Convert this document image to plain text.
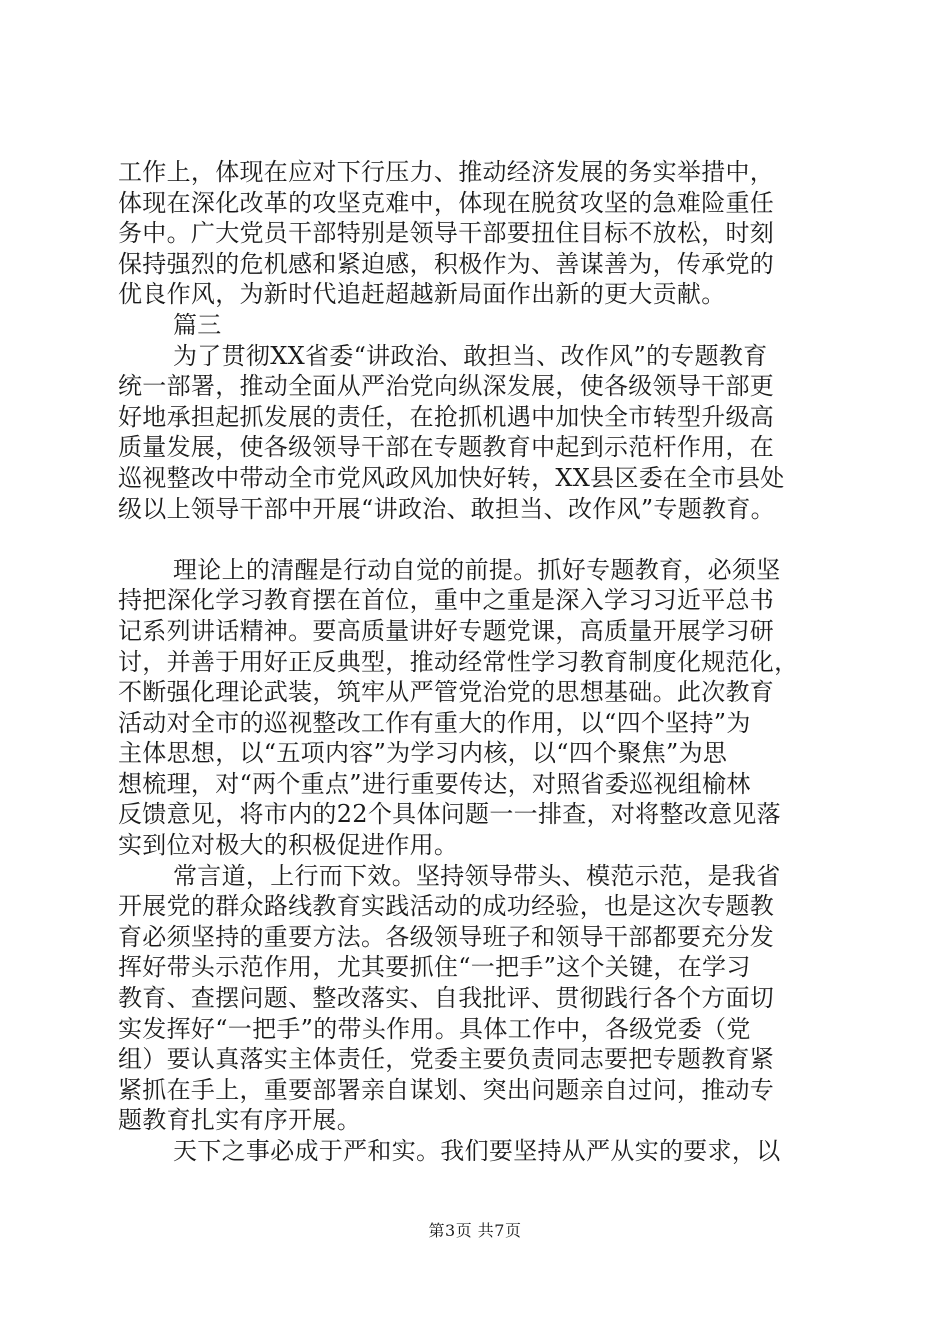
工作上，体现在应对下行压力、推动经济发展的务实举措中，
体现在深化改革的攻坚克难中，体现在脱贫攻坚的急难险重任
务中。广大党员干部特别是领导干部要扭住目标不放松，时刻
保持强烈的危机感和紧迫感，积极作为、善谋善为，传承党的
优良作风，为新时代追赶超越新局面作出新的更大贡献。
篇三
为了贯彻XX省委“讲政治、敢担当、改作风”的专题教育
统一部署，推动全面从严治党向纵深发展，使各级领导干部更
好地承担起抓发展的责任，在抢抓机遇中加快全市转型升级高
质量发展，使各级领导干部在专题教育中起到示范杆作用，在
巡视整改中带动全市党风政风加快好转，XX县区委在全市县处
级以上领导干部中开展“讲政治、敢担当、改作风”专题教育。
理论上的清醒是行动自觉的前提。抓好专题教育，必须坚
持把深化学习教育摆在首位，重中之重是深入学习习近平总书
记系列讲话精神。要高质量讲好专题党课，高质量开展学习研
讨，并善于用好正反典型，推动经常性学习教育制度化规范化，
不断强化理论武装，筑牢从严管党治党的思想基础。此次教育
活动对全市的巡视整改工作有重大的作用，以“四个坚持”为
主体思想，以“五项内容”为学习内核，以“四个聚焦”为思
想梳理，对“两个重点”进行重要传达，对照省委巡视组榆林
反馈意见，将市内的22个具体问题一一排查，对将整改意见落
实到位对极大的积极促进作用。
常言道，上行而下效。坚持领导带头、模范示范，是我省
开展党的群众路线教育实践活动的成功经验，也是这次专题教
育必须坚持的重要方法。各级领导班子和领导干部都要充分发
挥好带头示范作用，尤其要抓住“一把手”这个关键，在学习
教育、查摆问题、整改落实、自我批评、贯彻践行各个方面切
实发挥好“一把手”的带头作用。具体工作中，各级党委（党
组）要认真落实主体责任，党委主要负责同志要把专题教育紧
紧抓在手上，重要部署亲自谋划、突出问题亲自过问，推动专
题教育扎实有序开展。
天下之事必成于严和实。我们要坚持从严从实的要求，以
第3页 共7页
